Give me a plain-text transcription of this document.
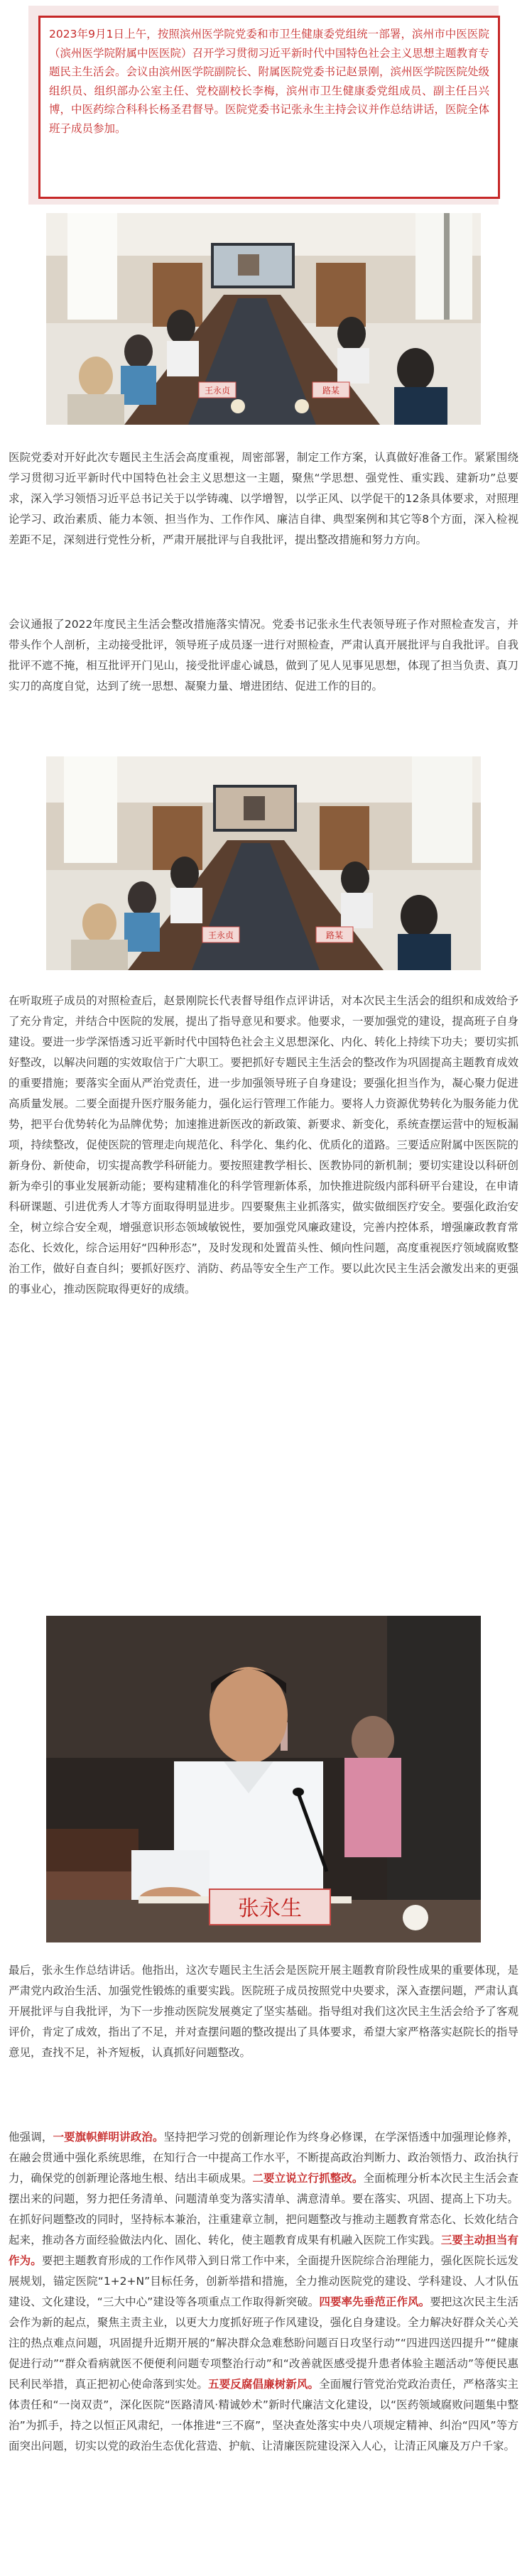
2023年9月1日上午，按照滨州医学院党委和市卫生健康委党组统一部署，滨州市中医医院（滨州医学院附属中医医院）召开学习贯彻习近平新时代中国特色社会主义思想主题教育专题民主生活会。会议由滨州医学院副院长、附属医院党委书记赵景刚，滨州医学院医院处级组织员、组织部办公室主任、党校副校长李梅，滨州市卫生健康委党组成员、副主任吕兴博，中医药综合科科长杨圣君督导。医院党委书记张永生主持会议并作总结讲话，医院全体班子成员参加。

王永贞	路某

医院党委对开好此次专题民主生活会高度重视，周密部署，制定工作方案，认真做好准备工作。紧紧围绕学习贯彻习近平新时代中国特色社会主义思想这一主题，聚焦“学思想、强党性、重实践、建新功”总要求，深入学习领悟习近平总书记关于以学铸魂、以学增智，以学正风、以学促干的12条具体要求，对照理论学习、政治素质、能力本领、担当作为、工作作风、廉洁自律、典型案例和其它等8个方面，深入检视差距不足，深刻进行党性分析，严肃开展批评与自我批评，提出整改措施和努力方向。

会议通报了2022年度民主生活会整改措施落实情况。党委书记张永生代表领导班子作对照检查发言，并带头作个人剖析，主动接受批评，领导班子成员逐一进行对照检查，严肃认真开展批评与自我批评。自我批评不遮不掩，相互批评开门见山，接受批评虚心诚恳，做到了见人见事见思想，体现了担当负责、真刀实刀的高度自觉，达到了统一思想、凝聚力量、增进团结、促进工作的目的。

王永贞	路某

在听取班子成员的对照检查后，赵景刚院长代表督导组作点评讲话，对本次民主生活会的组织和成效给予了充分肯定，并结合中医院的发展，提出了指导意见和要求。他要求，一要加强党的建设，提高班子自身建设。要进一步学深悟透习近平新时代中国特色社会主义思想深化、内化、转化上持续下功夫；要切实抓好整改，以解决问题的实效取信于广大职工。要把抓好专题民主生活会的整改作为巩固提高主题教育成效的重要措施；要落实全面从严治党责任，进一步加强领导班子自身建设；要强化担当作为，凝心聚力促进高质量发展。二要全面提升医疗服务能力，强化运行管理工作能力。要将人力资源优势转化为服务能力优势，把平台优势转化为品牌优势；加速推进新医改的新政策、新要求、新变化，系统查摆运营中的短板漏项，持续整改，促使医院的管理走向规范化、科学化、集约化、优质化的道路。三要适应附属中医医院的新身份、新使命，切实提高教学科研能力。要按照建教学相长、医教协同的新机制；要切实建设以科研创新为牵引的事业发展新动能；要构建精准化的科学管理新体系，加快推进院级内部科研平台建设，在申请科研课题、引进优秀人才等方面取得明显进步。四要聚焦主业抓落实，做实做细医疗安全。要强化政治安全，树立综合安全观，增强意识形态领域敏锐性，要加强党风廉政建设，完善内控体系，增强廉政教育常态化、长效化，综合运用好“四种形态”，及时发现和处置苗头性、倾向性问题，高度重视医疗领域腐败整治工作，做好自查自纠；要抓好医疗、消防、药品等安全生产工作。要以此次民主生活会激发出来的更强的事业心，推动医院取得更好的成绩。

张永生

最后，张永生作总结讲话。他指出，这次专题民主生活会是医院开展主题教育阶段性成果的重要体现，是严肃党内政治生活、加强党性锻炼的重要实践。医院班子成员按照党中央要求，深入查摆问题，严肃认真开展批评与自我批评，为下一步推动医院发展奠定了坚实基础。指导组对我们这次民主生活会给予了客观评价，肯定了成效，指出了不足，并对查摆问题的整改提出了具体要求，希望大家严格落实赵院长的指导意见，查找不足，补齐短板，认真抓好问题整改。

他强调，一要旗帜鲜明讲政治。坚持把学习党的创新理论作为终身必修课，在学深悟透中加强理论修养，在融会贯通中强化系统思维，在知行合一中提高工作水平，不断提高政治判断力、政治领悟力、政治执行力，确保党的创新理论落地生根、结出丰硕成果。二要立说立行抓整改。全面梳理分析本次民主生活会查摆出来的问题，努力把任务清单、问题清单变为落实清单、满意清单。要在落实、巩固、提高上下功夫。在抓好问题整改的同时，坚持标本兼治，注重建章立制，把问题整改与推动主题教育常态化、长效化结合起来，推动各方面经验做法内化、固化、转化，使主题教育成果有机融入医院工作实践。三要主动担当有作为。要把主题教育形成的工作作风带入到日常工作中来，全面提升医院综合治理能力，强化医院长远发展规划，锚定医院“1+2+N”目标任务，创新举措和措施，全力推动医院党的建设、学科建设、人才队伍建设、文化建设，“三大中心”建设等各项重点工作取得新突破。四要率先垂范正作风。要把这次民主生活会作为新的起点，聚焦主责主业，以更大力度抓好班子作风建设，强化自身建设。全力解决好群众关心关注的热点难点问题，巩固提升近期开展的“解决群众急难愁盼问题百日攻坚行动”“四进四送四提升”“健康促进行动”“群众看病就医不便便利问题专项整治行动”和“改善就医感受提升患者体验主题活动”等便民惠民利民举措，真正把初心使命落到实处。五要反腐倡廉树新风。全面履行管党治党政治责任，严格落实主体责任和“一岗双责”，深化医院“医路清风·精诚妙术”新时代廉洁文化建设，以“医药领域腐败问题集中整治”为抓手，持之以恒正风肃纪，一体推进“三不腐”，坚决查处落实中央八项规定精神、纠治“四风”等方面突出问题，切实以党的政治生态优化营造、护航、让清廉医院建设深入人心，让清正风廉及万户千家。
